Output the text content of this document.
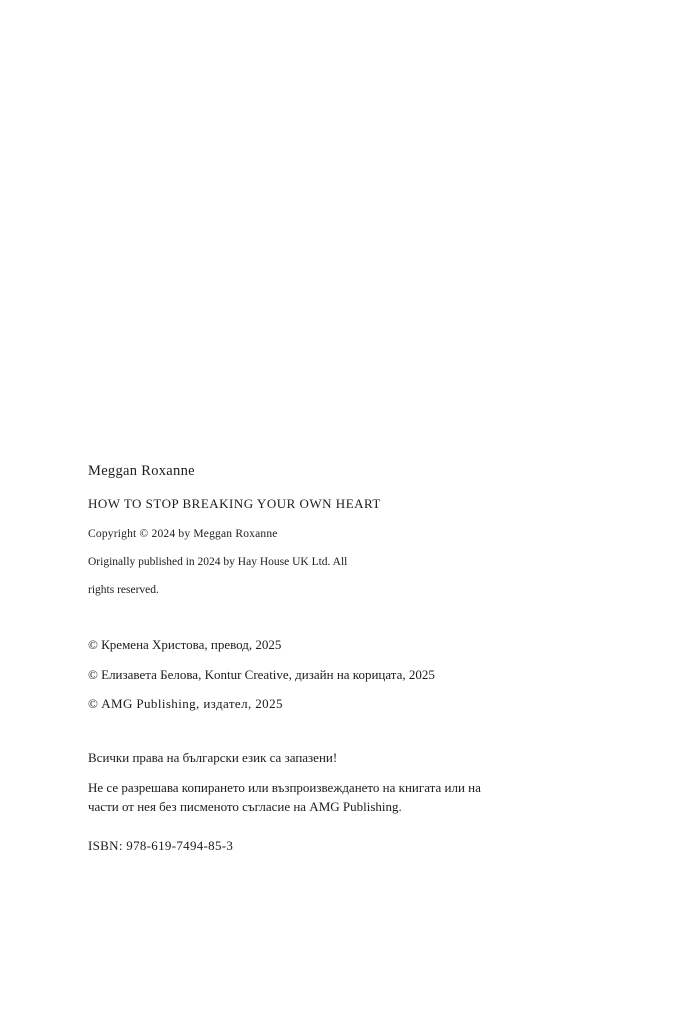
Meggan Roxanne
HOW TO STOP BREAKING YOUR OWN HEART
Copyright © 2024 by Meggan Roxanne
Originally published in 2024 by Hay House UK Ltd. All
rights reserved.
© Кремена Христова, превод, 2025
© Елизавета Белова, Kontur Creative, дизайн на корицата, 2025
© AMG Publishing, издател, 2025
Всички права на български език са запазени!
Не се разрешава копирането или възпроизвеждането на книгата или на
части от нея без писменото съгласие на AMG Publishing.
ISBN: 978-619-7494-85-3
